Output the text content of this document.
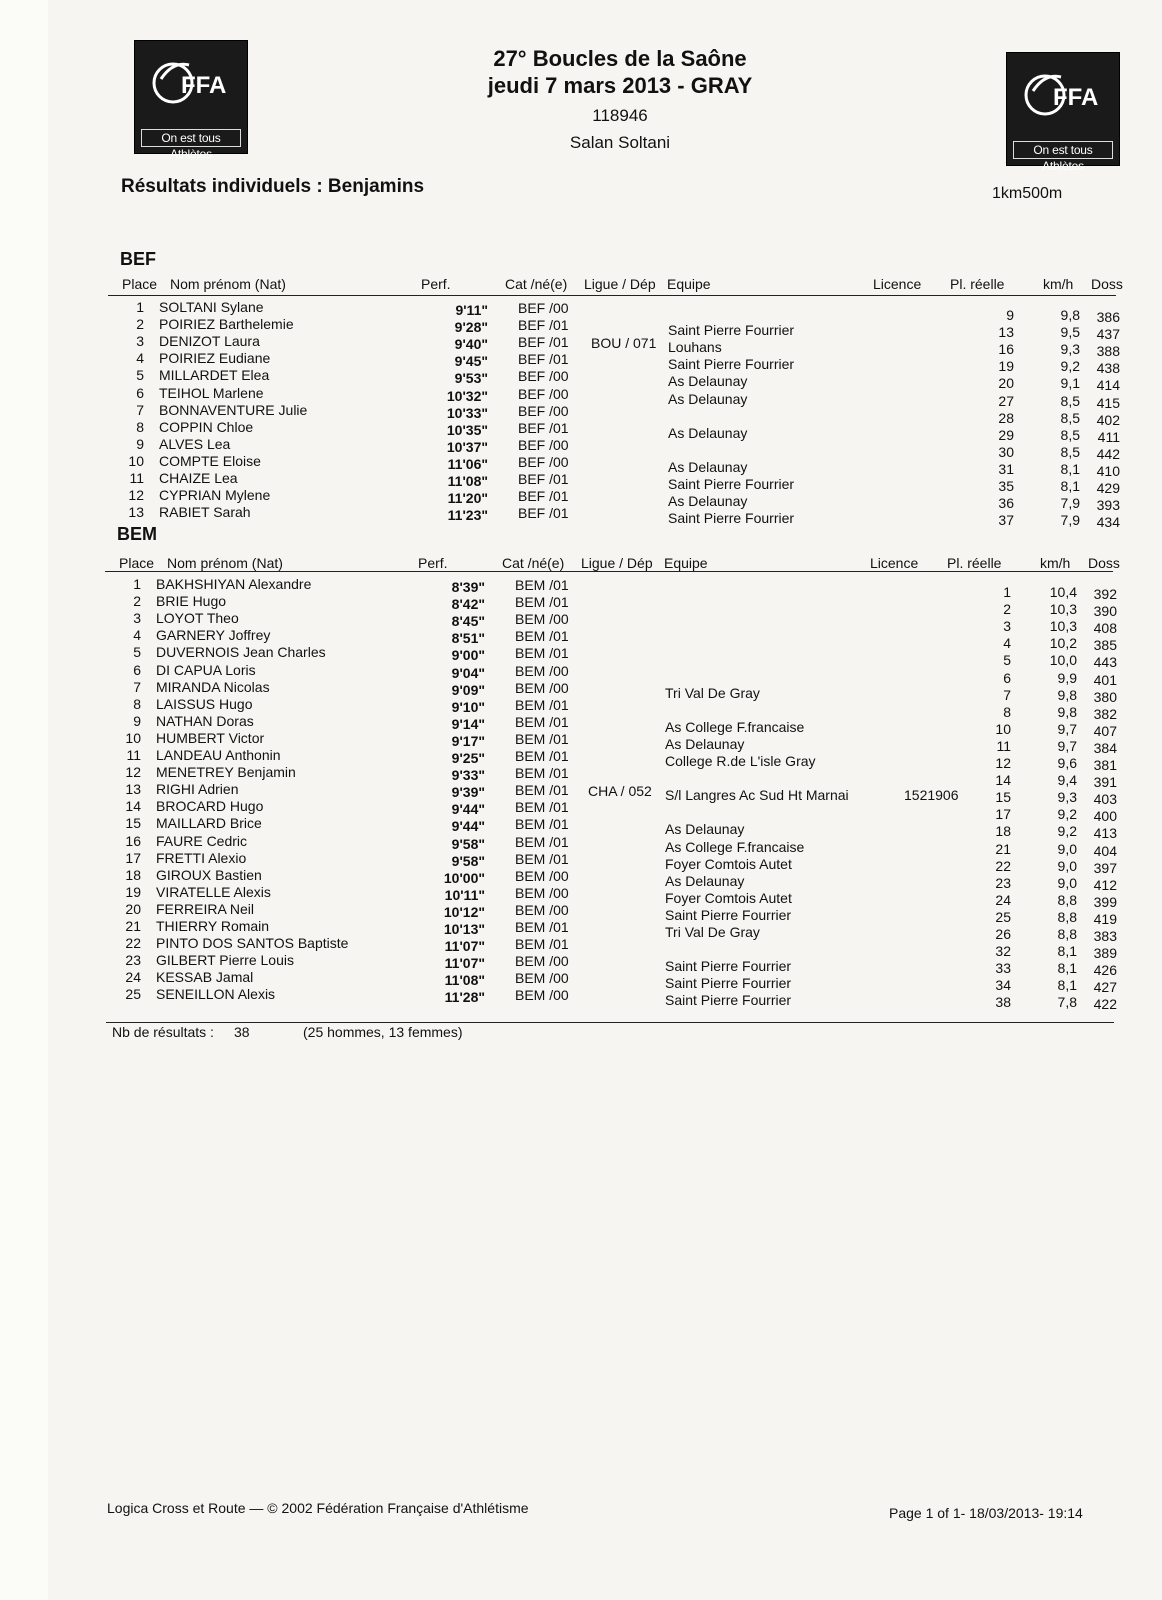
FFA
On est tous Athlètes
FFA
On est tous Athlètes
27° Boucles de la Saône
jeudi 7 mars 2013 - GRAY
118946
Salan Soltani
Résultats individuels : Benjamins	1km500m
BEF
Place Nom prénom (Nat)	Perf.	Cat /né(e) Ligue / Dép Equipe	Licence Pl. réelle	km/h Doss
1 SOLTANI Sylane	9'11" BEF /00	9	9,8	386
2 POIRIEZ Barthelemie	9'28" BEF /01	Saint Pierre Fourrier	13	9,5	437
3 DENIZOT Laura	9'40" BEF /01 BOU / 071 Louhans	16	9,3	388
4 POIRIEZ Eudiane	9'45" BEF /01	Saint Pierre Fourrier	19	9,2	438
5 MILLARDET Elea	9'53" BEF /00	As Delaunay	20	9,1	414
6 TEIHOL Marlene	10'32" BEF /00	As Delaunay	27	8,5	415
7 BONNAVENTURE Julie	10'33" BEF /00	28	8,5	402
8 COPPIN Chloe	10'35" BEF /01	As Delaunay	29	8,5	411
9 ALVES Lea	10'37" BEF /00	30	8,5	442
10 COMPTE Eloise	11'06" BEF /00	As Delaunay	31	8,1	410
11 CHAIZE Lea	11'08" BEF /01	Saint Pierre Fourrier	35	8,1	429
12 CYPRIAN Mylene	11'20" BEF /01	As Delaunay	36	7,9	393
13 RABIET Sarah	11'23" BEF /01	Saint Pierre Fourrier	37	7,9	434
BEM
Place Nom prénom (Nat)	Perf.	Cat /né(e) Ligue / Dép Equipe	Licence Pl. réelle	km/h Doss
1 BAKHSHIYAN Alexandre	8'39" BEM /01	1	10,4	392
2 BRIE Hugo	8'42" BEM /01	2	10,3	390
3 LOYOT Theo	8'45" BEM /00	3	10,3	408
4 GARNERY Joffrey	8'51" BEM /01	4	10,2	385
5 DUVERNOIS Jean Charles	9'00" BEM /01	5	10,0	443
6 DI CAPUA Loris	9'04" BEM /00	6	9,9	401
7 MIRANDA Nicolas	9'09" BEM /00	Tri Val De Gray	7	9,8	380
8 LAISSUS Hugo	9'10" BEM /01	8	9,8	382
9 NATHAN Doras	9'14" BEM /01	As College F.francaise	10	9,7	407
10 HUMBERT Victor	9'17" BEM /01	As Delaunay	11	9,7	384
11 LANDEAU Anthonin	9'25" BEM /01	College R.de L'isle Gray	12	9,6	381
12 MENETREY Benjamin	9'33" BEM /01	14	9,4	391
13 RIGHI Adrien	9'39" BEM /01 CHA / 052 S/l Langres Ac Sud Ht Marnai	1521906	15	9,3	403
14 BROCARD Hugo	9'44" BEM /01	17	9,2	400
15 MAILLARD Brice	9'44" BEM /01	As Delaunay	18	9,2	413
16 FAURE Cedric	9'58" BEM /01	As College F.francaise	21	9,0	404
17 FRETTI Alexio	9'58" BEM /01	Foyer Comtois Autet	22	9,0	397
18 GIROUX Bastien	10'00" BEM /00	As Delaunay	23	9,0	412
19 VIRATELLE Alexis	10'11" BEM /00	Foyer Comtois Autet	24	8,8	399
20 FERREIRA Neil	10'12" BEM /00	Saint Pierre Fourrier	25	8,8	419
21 THIERRY Romain	10'13" BEM /01	Tri Val De Gray	26	8,8	383
22 PINTO DOS SANTOS Baptiste	11'07" BEM /01	32	8,1	389
23 GILBERT Pierre Louis	11'07" BEM /00	Saint Pierre Fourrier	33	8,1	426
24 KESSAB Jamal	11'08" BEM /00	Saint Pierre Fourrier	34	8,1	427
25 SENEILLON Alexis	11'28" BEM /00	Saint Pierre Fourrier	38	7,8	422
Nb de résultats : 38	(25 hommes, 13 femmes)
Logica Cross et Route — © 2002 Fédération Française d'Athlétisme	Page 1 of 1- 18/03/2013- 19:14
